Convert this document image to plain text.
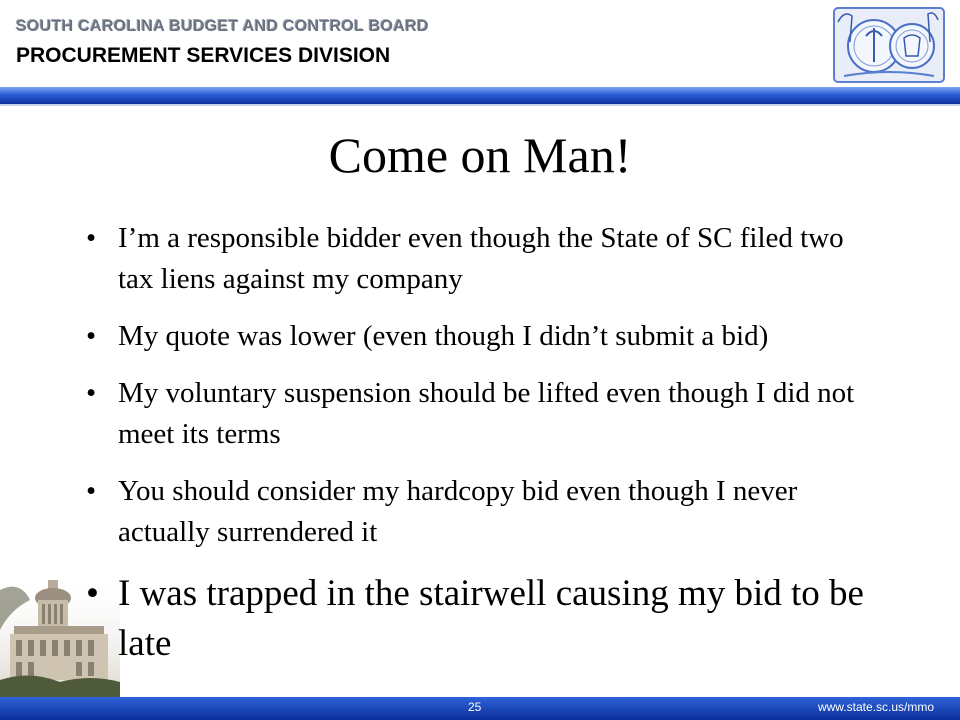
SOUTH CAROLINA BUDGET AND CONTROL BOARD
PROCUREMENT SERVICES DIVISION
Come on Man!
• I’m a responsible bidder even though the State of SC filed two tax liens against my company
• My quote was lower (even though I didn’t submit a bid)
• My voluntary suspension should be lifted even though I did not meet its terms
• You should consider my hardcopy bid even though I never actually surrendered it
• I was trapped in the stairwell causing my bid to be late
25	www.state.sc.us/mmo
